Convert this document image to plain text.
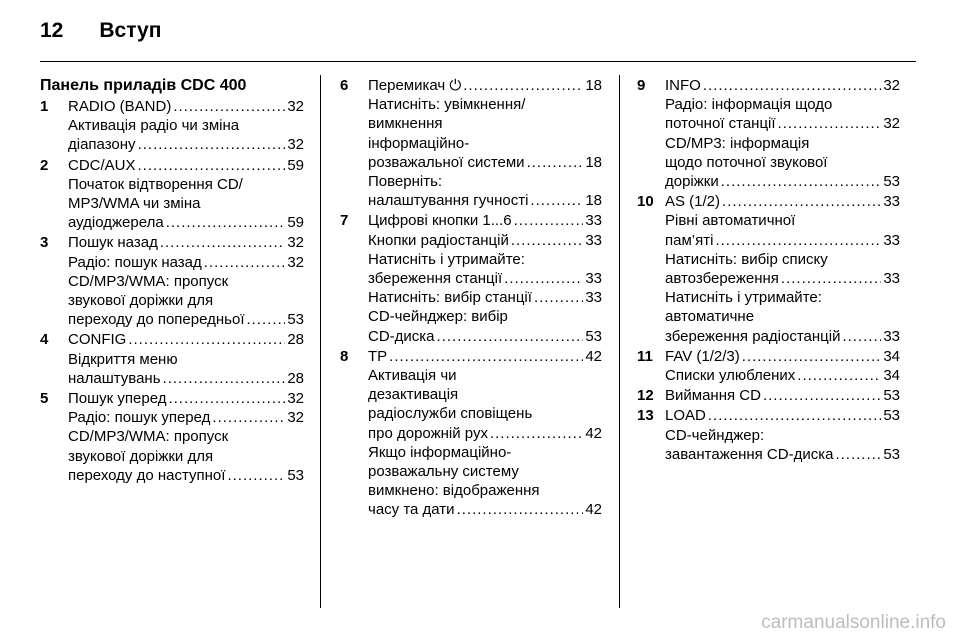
12 Вступ
Панель приладів CDC 400
1 RADIO (BAND) .....	32
Активація радіо чи зміна
діапазону .....	32
2 CDC/AUX .....	59
Початок відтворення CD/
MP3/WMA чи зміна
аудіоджерела .....	59
3 Пошук назад .....	32
Радіо: пошук назад .....	32
CD/MP3/WMA: пропуск
звукової доріжки для
переходу до попередньої .....	53
4 CONFIG .....	28
Відкриття меню
налаштувань .....	28
5 Пошук уперед .....	32
Радіо: пошук уперед .....	32
CD/MP3/WMA: пропуск
звукової доріжки для
переходу до наступної .....	53
6 Перемикач ⏻ .....	18
Натисніть: увімкнення/
вимкнення
інформаційно-
розважальної системи .....	18
Поверніть:
налаштування гучності .....	18
7 Цифрові кнопки 1...6 .....	33
Кнопки радіостанцій .....	33
Натисніть і утримайте:
збереження станції .....	33
Натисніть: вибір станції .....	33
CD-чейнджер: вибір
CD-диска .....	53
8 TP .....	42
Активація чи
дезактивація
радіослужби сповіщень
про дорожній рух .....	42
Якщо інформаційно-
розважальну систему
вимкнено: відображення
часу та дати .....	42
9 INFO .....	32
Радіо: інформація щодо
поточної станції .....	32
CD/MP3: інформація
щодо поточної звукової
доріжки .....	53
10 AS (1/2) .....	33
Рівні автоматичної
пам’яті .....	33
Натисніть: вибір списку
автозбереження .....	33
Натисніть і утримайте:
автоматичне
збереження радіостанцій .....	33
11 FAV (1/2/3) .....	34
Списки улюблених .....	34
12 Виймання CD .....	53
13 LOAD .....	53
CD-чейнджер:
завантаження CD-диска .....	53
carmanualsonline.info
